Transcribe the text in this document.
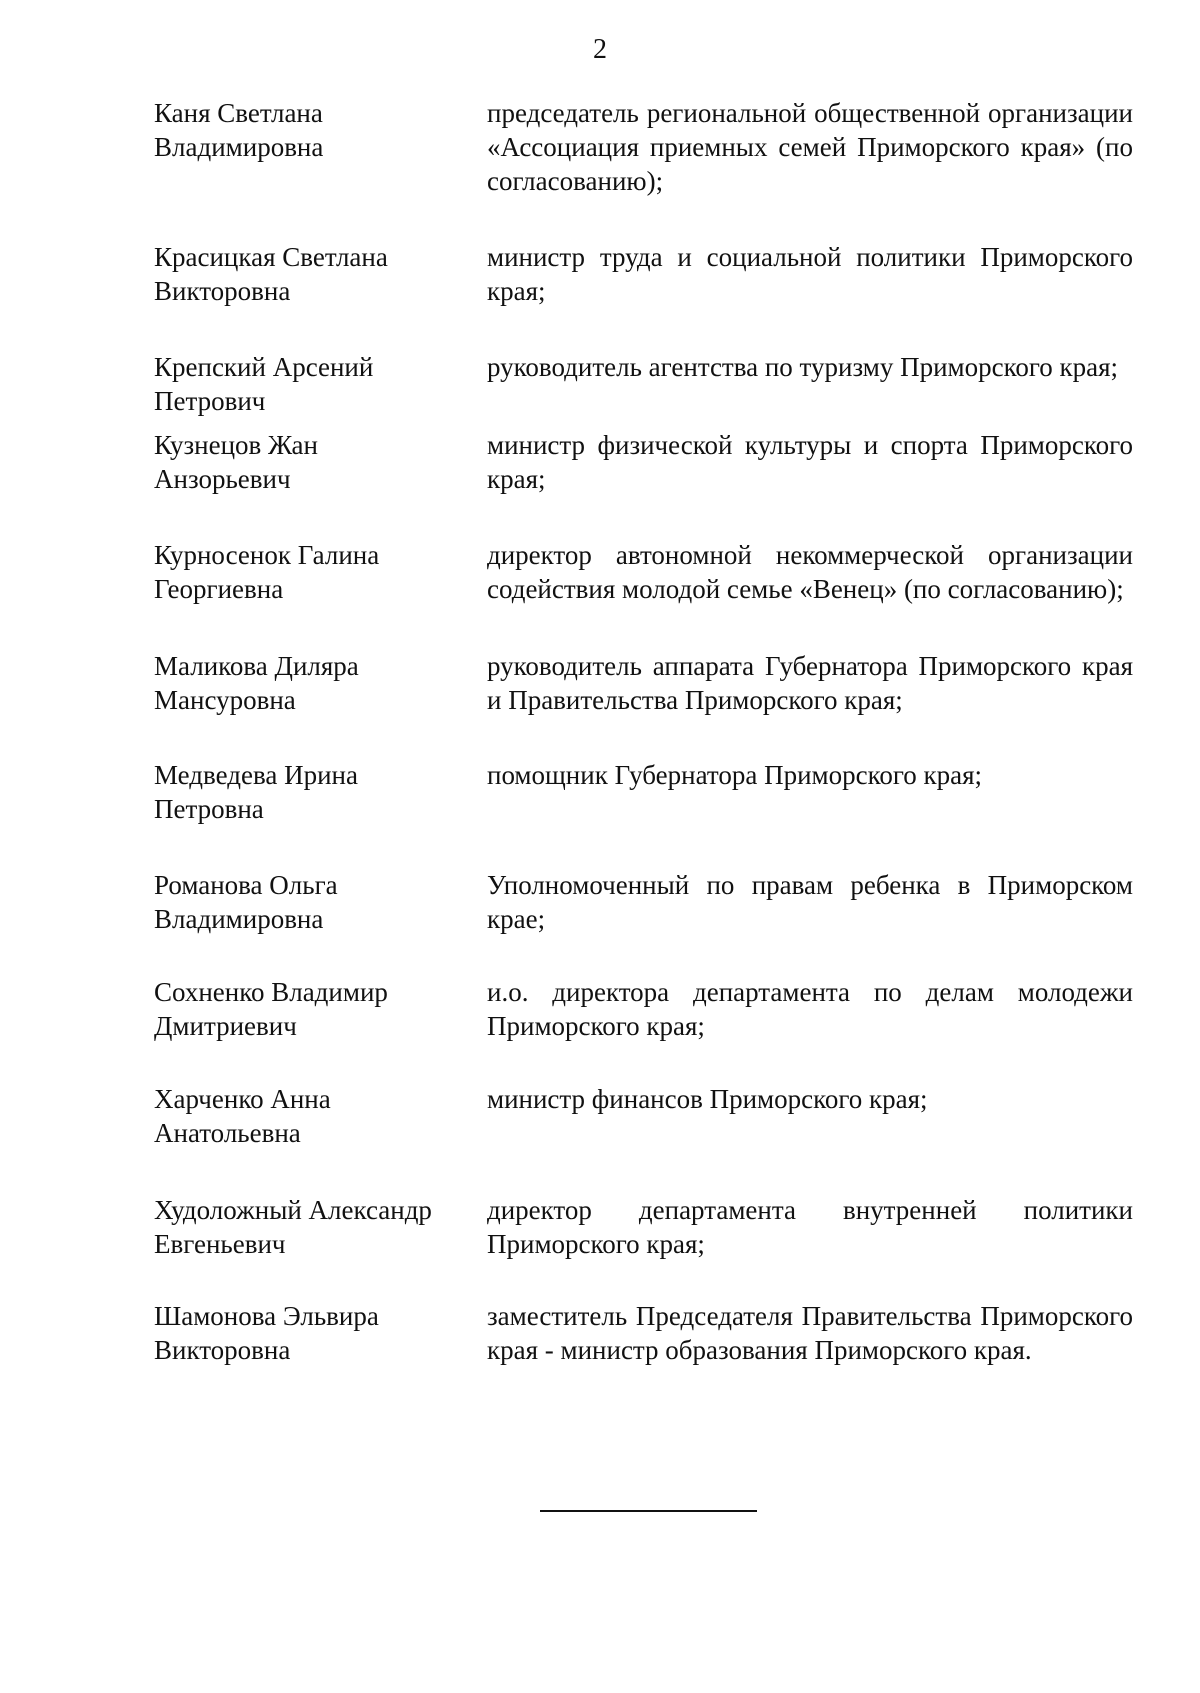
2
Каня Светлана
Владимировна
председатель региональной общественной организации «Ассоциация приемных семей Приморского края» (по согласованию);
Красицкая Светлана
Викторовна
министр труда и социальной политики Приморского края;
Крепский Арсений
Петрович
руководитель агентства по туризму Приморского края;
Кузнецов Жан
Анзорьевич
министр физической культуры и спорта Приморского края;
Курносенок Галина
Георгиевна
директор автономной некоммерческой организации содействия молодой семье «Венец» (по согласованию);
Маликова Диляра
Мансуровна
руководитель аппарата Губернатора Приморского края и Правительства Приморского края;
Медведева Ирина
Петровна
помощник Губернатора Приморского края;
Романова Ольга
Владимировна
Уполномоченный по правам ребенка в Приморском крае;
Сохненко Владимир
Дмитриевич
и.о. директора департамента по делам молодежи Приморского края;
Харченко Анна
Анатольевна
министр финансов Приморского края;
Худоложный Александр
Евгеньевич
директор департамента внутренней политики Приморского края;
Шамонова Эльвира
Викторовна
заместитель Председателя Правительства Приморского края - министр образования Приморского края.
